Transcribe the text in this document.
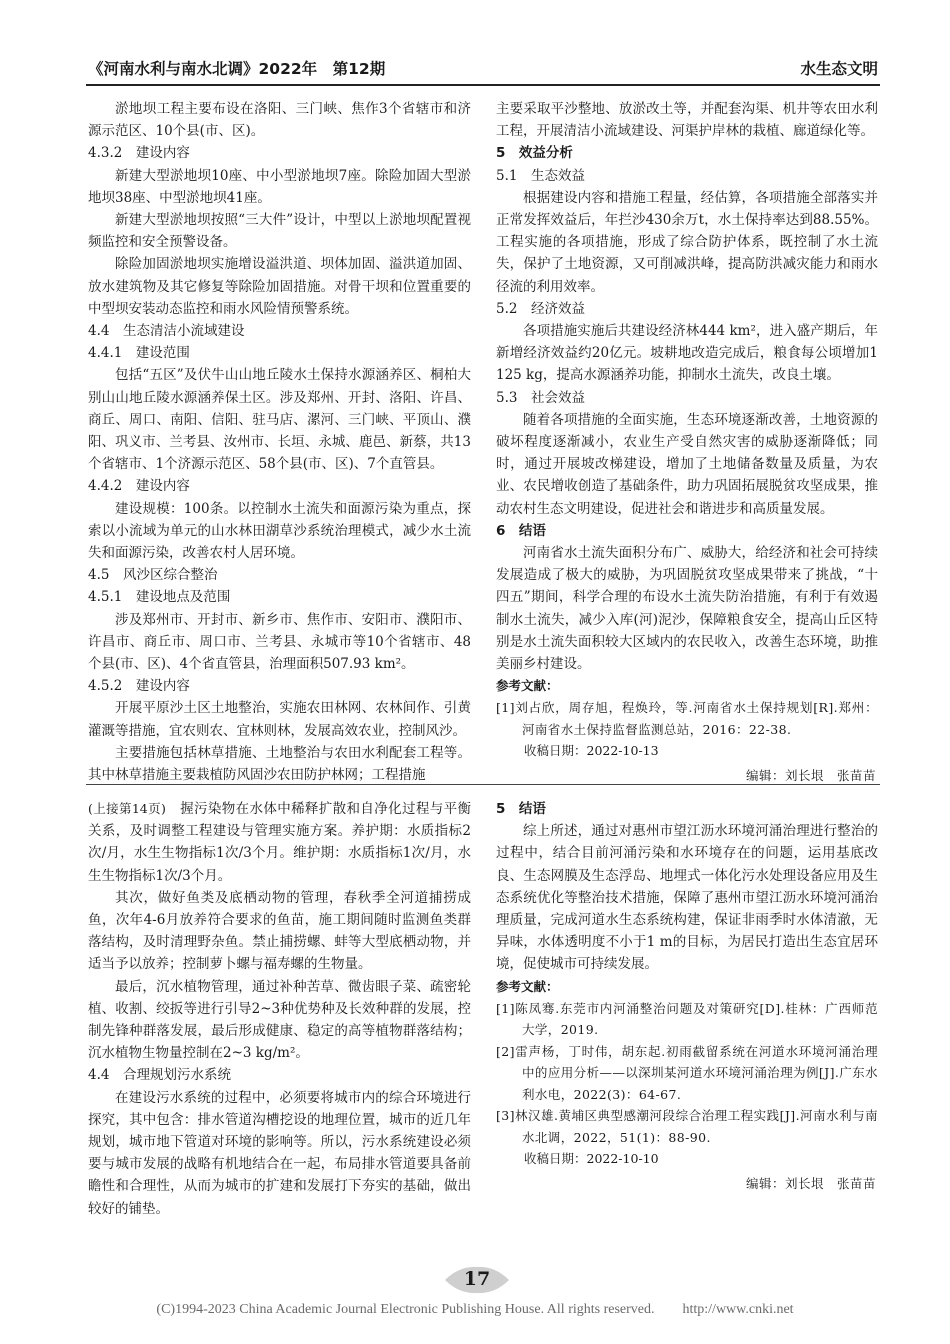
《河南水利与南水北调》2022年　第12期	水生态文明

淤地坝工程主要布设在洛阳、三门峡、焦作3个省辖市和济源示范区、10个县(市、区)。

4.3.2　建设内容

新建大型淤地坝10座、中小型淤地坝7座。除险加固大型淤地坝38座、中型淤地坝41座。

新建大型淤地坝按照“三大件”设计，中型以上淤地坝配置视频监控和安全预警设备。

除险加固淤地坝实施增设溢洪道、坝体加固、溢洪道加固、放水建筑物及其它修复等除险加固措施。对骨干坝和位置重要的中型坝安装动态监控和雨水风险情预警系统。

4.4　生态清洁小流域建设

4.4.1　建设范围

包括“五区”及伏牛山山地丘陵水土保持水源涵养区、桐柏大别山山地丘陵水源涵养保土区。涉及郑州、开封、洛阳、许昌、商丘、周口、南阳、信阳、驻马店、漯河、三门峡、平顶山、濮阳、巩义市、兰考县、汝州市、长垣、永城、鹿邑、新蔡，共13个省辖市、1个济源示范区、58个县(市、区)、7个直管县。

4.4.2　建设内容

建设规模：100条。以控制水土流失和面源污染为重点，探索以小流域为单元的山水林田湖草沙系统治理模式，减少水土流失和面源污染，改善农村人居环境。

4.5　风沙区综合整治

4.5.1　建设地点及范围

涉及郑州市、开封市、新乡市、焦作市、安阳市、濮阳市、许昌市、商丘市、周口市、兰考县、永城市等10个省辖市、48个县(市、区)、4个省直管县，治理面积507.93 km²。

4.5.2　建设内容

开展平原沙土区土地整治，实施农田林网、农林间作、引黄灌溉等措施，宜农则农、宜林则林，发展高效农业，控制风沙。

主要措施包括林草措施、土地整治与农田水利配套工程等。其中林草措施主要栽植防风固沙农田防护林网；工程措施

主要采取平沙整地、放淤改土等，并配套沟渠、机井等农田水利工程，开展清洁小流域建设、河渠护岸林的栽植、廊道绿化等。

5　效益分析

5.1　生态效益

根据建设内容和措施工程量，经估算，各项措施全部落实并正常发挥效益后，年拦沙430余万t，水土保持率达到88.55%。工程实施的各项措施，形成了综合防护体系，既控制了水土流失，保护了土地资源，又可削减洪峰，提高防洪减灾能力和雨水径流的利用效率。

5.2　经济效益

各项措施实施后共建设经济林444 km²，进入盛产期后，年新增经济效益约20亿元。坡耕地改造完成后，粮食每公顷增加1 125 kg，提高水源涵养功能，抑制水土流失，改良土壤。

5.3　社会效益

随着各项措施的全面实施，生态环境逐渐改善，土地资源的破坏程度逐渐减小，农业生产受自然灾害的威胁逐渐降低；同时，通过开展坡改梯建设，增加了土地储备数量及质量，为农业、农民增收创造了基础条件，助力巩固拓展脱贫攻坚成果，推动农村生态文明建设，促进社会和谐进步和高质量发展。

6　结语

河南省水土流失面积分布广、威胁大，给经济和社会可持续发展造成了极大的威胁，为巩固脱贫攻坚成果带来了挑战，“十四五”期间，科学合理的布设水土流失防治措施，有利于有效遏制水土流失，减少入库(河)泥沙，保障粮食安全，提高山丘区特别是水土流失面积较大区域内的农民收入，改善生态环境，助推美丽乡村建设。

参考文献：

[1]刘占欣，周存旭，程焕玲，等.河南省水土保持规划[R].郑州：河南省水土保持监督监测总站，2016：22-38.

收稿日期：2022-10-13

编辑：刘长垠　张苗苗

(上接第14页)　握污染物在水体中稀释扩散和自净化过程与平衡关系，及时调整工程建设与管理实施方案。养护期：水质指标2次/月，水生生物指标1次/3个月。维护期：水质指标1次/月，水生生物指标1次/3个月。

其次，做好鱼类及底栖动物的管理，春秋季全河道捕捞成鱼，次年4-6月放养符合要求的鱼苗，施工期间随时监测鱼类群落结构，及时清理野杂鱼。禁止捕捞螺、蚌等大型底栖动物，并适当予以放养；控制萝卜螺与福寿螺的生物量。

最后，沉水植物管理，通过补种苦草、微齿眼子菜、疏密轮植、收割、绞扳等进行引导2~3种优势种及长效种群的发展，控制先锋种群落发展，最后形成健康、稳定的高等植物群落结构；沉水植物生物量控制在2~3 kg/m²。

4.4　合理规划污水系统

在建设污水系统的过程中，必须要将城市内的综合环境进行探究，其中包含：排水管道沟槽挖设的地理位置，城市的近几年规划，城市地下管道对环境的影响等。所以，污水系统建设必须要与城市发展的战略有机地结合在一起，布局排水管道要具备前瞻性和合理性，从而为城市的扩建和发展打下夯实的基础，做出较好的铺垫。

5　结语

综上所述，通过对惠州市望江沥水环境河涌治理进行整治的过程中，结合目前河涌污染和水环境存在的问题，运用基底改良、生态网膜及生态浮岛、地埋式一体化污水处理设备应用及生态系统优化等整治技术措施，保障了惠州市望江沥水环境河涌治理质量，完成河道水生态系统构建，保证非雨季时水体清澈，无异味，水体透明度不小于1 m的目标，为居民打造出生态宜居环境，促使城市可持续发展。

参考文献：

[1]陈凤骞.东莞市内河涌整治问题及对策研究[D].桂林：广西师范大学，2019.

[2]雷声杨，丁时伟，胡东起.初雨截留系统在河道水环境河涌治理中的应用分析——以深圳某河道水环境河涌治理为例[J].广东水利水电，2022(3)：64-67.

[3]林汉雄.黄埔区典型感潮河段综合治理工程实践[J].河南水利与南水北调，2022，51(1)：88-90.

收稿日期：2022-10-10

编辑：刘长垠　张苗苗

17
(C)1994-2023 China Academic Journal Electronic Publishing House. All rights reserved.　　http://www.cnki.net
